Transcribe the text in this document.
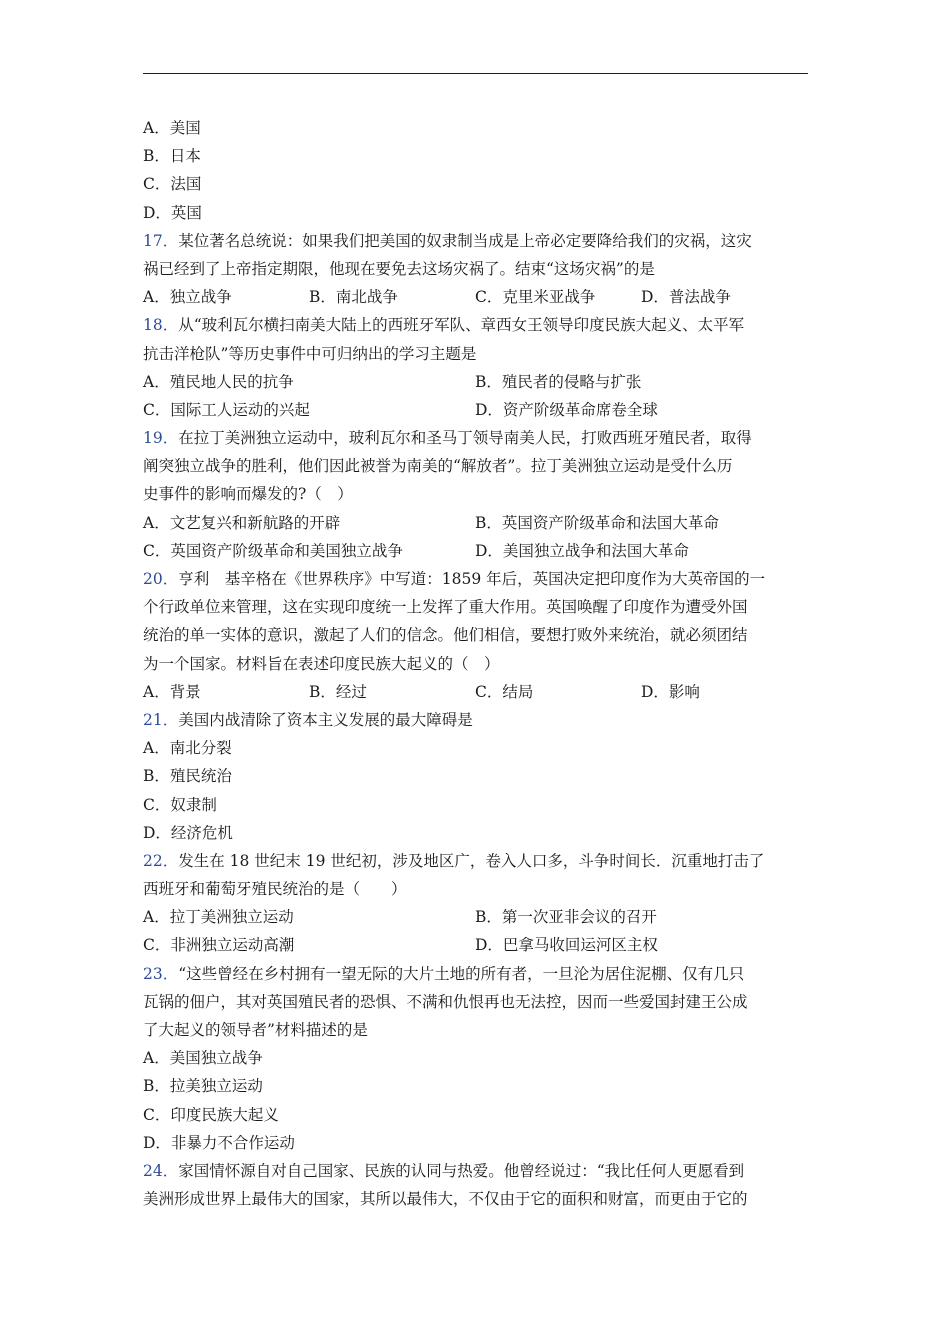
A．美国
B．日本
C．法国
D．英国
17．某位著名总统说：如果我们把美国的奴隶制当成是上帝必定要降给我们的灾祸，这灾
祸已经到了上帝指定期限，他现在要免去这场灾祸了。结束“这场灾祸”的是
A．独立战争	B．南北战争	C．克里米亚战争	D．普法战争
18．从“玻利瓦尔横扫南美大陆上的西班牙军队、章西女王领导印度民族大起义、太平军
抗击洋枪队”等历史事件中可归纳出的学习主题是
A．殖民地人民的抗争	B．殖民者的侵略与扩张
C．国际工人运动的兴起	D．资产阶级革命席卷全球
19．在拉丁美洲独立运动中，玻利瓦尔和圣马丁领导南美人民，打败西班牙殖民者，取得
阐突独立战争的胜利，他们因此被誉为南美的“解放者”。拉丁美洲独立运动是受什么历
史事件的影响而爆发的?（　）
A．文艺复兴和新航路的开辟	B．英国资产阶级革命和法国大革命
C．英国资产阶级革命和美国独立战争	D．美国独立战争和法国大革命
20．亨利　基辛格在《世界秩序》中写道：1859 年后，英国决定把印度作为大英帝国的一
个行政单位来管理，这在实现印度统一上发挥了重大作用。英国唤醒了印度作为遭受外国
统治的单一实体的意识，激起了人们的信念。他们相信，要想打败外来统治，就必须团结
为一个国家。材料旨在表述印度民族大起义的（　）
A．背景	B．经过	C．结局	D．影响
21．美国内战清除了资本主义发展的最大障碍是
A．南北分裂
B．殖民统治
C．奴隶制
D．经济危机
22．发生在 18 世纪末 19 世纪初，涉及地区广，卷入人口多，斗争时间长．沉重地打击了
西班牙和葡萄牙殖民统治的是（　　）
A．拉丁美洲独立运动	B．第一次亚非会议的召开
C．非洲独立运动高潮	D．巴拿马收回运河区主权
23．“这些曾经在乡村拥有一望无际的大片土地的所有者，一旦沦为居住泥棚、仅有几只
瓦锅的佃户，其对英国殖民者的恐惧、不满和仇恨再也无法控，因而一些爱国封建王公成
了大起义的领导者”材料描述的是
A．美国独立战争
B．拉美独立运动
C．印度民族大起义
D．非暴力不合作运动
24．家国情怀源自对自己国家、民族的认同与热爱。他曾经说过：“我比任何人更愿看到
美洲形成世界上最伟大的国家，其所以最伟大，不仅由于它的面积和财富，而更由于它的
